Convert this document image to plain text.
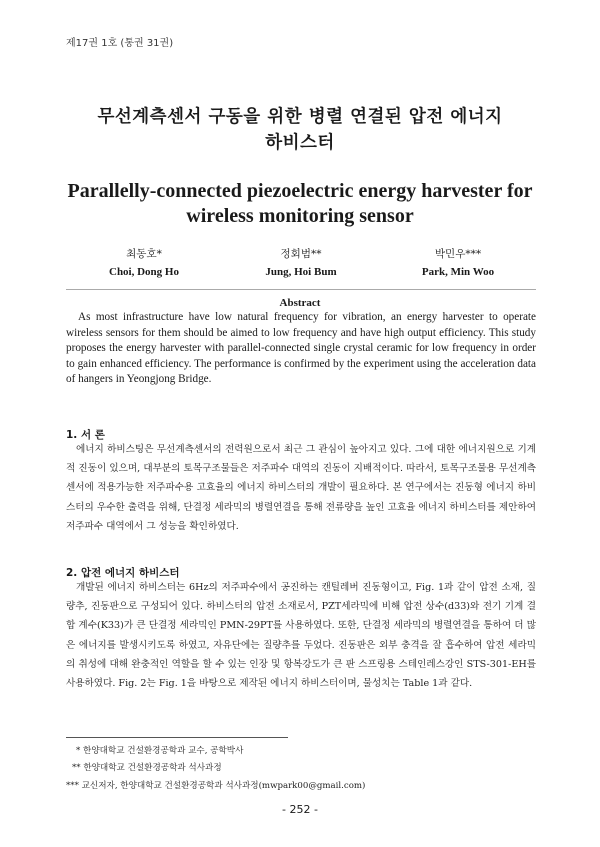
제17권 1호 (통권 31권)
무선계측센서 구동을 위한 병렬 연결된 압전 에너지
하비스터
Parallelly-connected piezoelectric energy harvester for
wireless monitoring sensor
최동호*
Choi, Dong Ho
정회범**
Jung, Hoi Bum
박민우***
Park, Min Woo
Abstract
As most infrastructure have low natural frequency for vibration, an energy harvester to operate wireless sensors for them should be aimed to low frequency and have high output efficiency. This study proposes the energy harvester with parallel-connected single crystal ceramic for low frequency in order to gain enhanced efficiency. The performance is confirmed by the experiment using the acceleration data of hangers in Yeongjong Bridge.
1. 서 론
에너지 하비스팅은 무선계측센서의 전력원으로서 최근 그 관심이 높아지고 있다. 그에 대한 에너지원으로 기계적 진동이 있으며, 대부분의 토목구조물들은 저주파수 대역의 진동이 지배적이다. 따라서, 토목구조물용 무선계측센서에 적용가능한 저주파수용 고효율의 에너지 하비스터의 개발이 필요하다. 본 연구에서는 진동형 에너지 하비스터의 우수한 출력을 위해, 단결정 세라믹의 병렬연결을 통해 전류량을 높인 고효율 에너지 하비스터를 제안하여 저주파수 대역에서 그 성능을 확인하였다.
2. 압전 에너지 하비스터
개발된 에너지 하비스터는 6Hz의 저주파수에서 공진하는 캔틸레버 진동형이고, Fig. 1과 같이 압전 소재, 질량추, 진동판으로 구성되어 있다. 하비스터의 압전 소재로서, PZT세라믹에 비해 압전 상수(d33)와 전기 기계 결합 계수(K33)가 큰 단결정 세라믹인 PMN-29PT를 사용하였다. 또한, 단결정 세라믹의 병렬연결을 통하여 더 많은 에너지를 발생시키도록 하였고, 자유단에는 질량추를 두었다. 진동판은 외부 충격을 잘 흡수하여 압전 세라믹의 취성에 대해 완충적인 역할을 할 수 있는 인장 및 항복강도가 큰 판 스프링용 스테인레스강인 STS-301-EH를 사용하였다. Fig. 2는 Fig. 1을 바탕으로 제작된 에너지 하비스터이며, 물성치는 Table 1과 같다.
* 한양대학교 건설환경공학과 교수, 공학박사
** 한양대학교 건설환경공학과 석사과정
*** 교신저자, 한양대학교 건설환경공학과 석사과정(mwpark00@gmail.com)
- 252 -
